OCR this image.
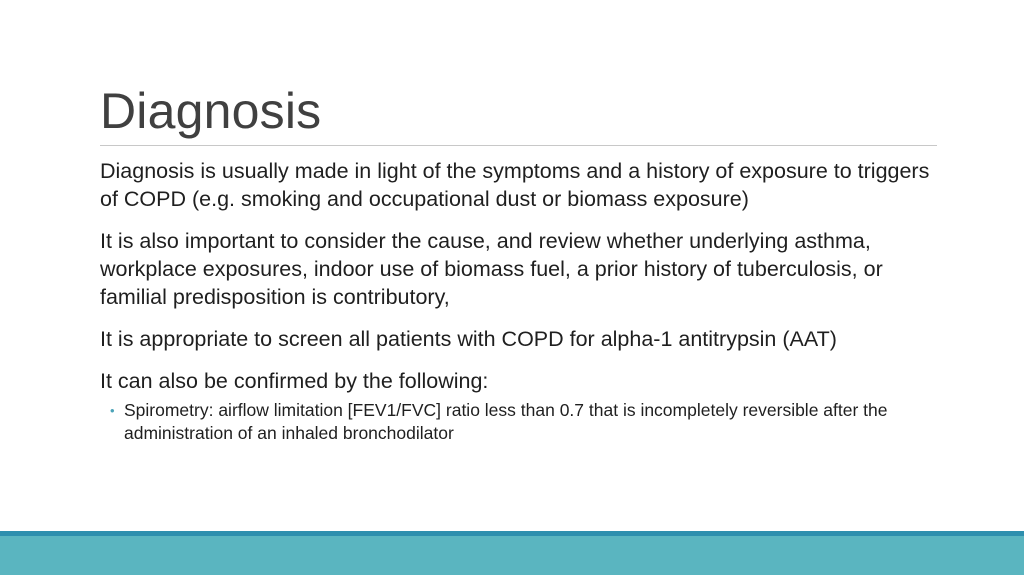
Diagnosis

Diagnosis is usually made in light of the symptoms and a history of exposure to triggers of COPD (e.g. smoking and occupational dust or biomass exposure)

It is also important to consider the cause, and review whether underlying asthma, workplace exposures, indoor use of biomass fuel, a prior history of tuberculosis, or familial predisposition is contributory,

It is appropriate to screen all patients with COPD for alpha-1 antitrypsin (AAT)

It can also be confirmed by the following:

• Spirometry: airflow limitation [FEV1/FVC] ratio less than 0.7 that is incompletely reversible after the administration of an inhaled bronchodilator
